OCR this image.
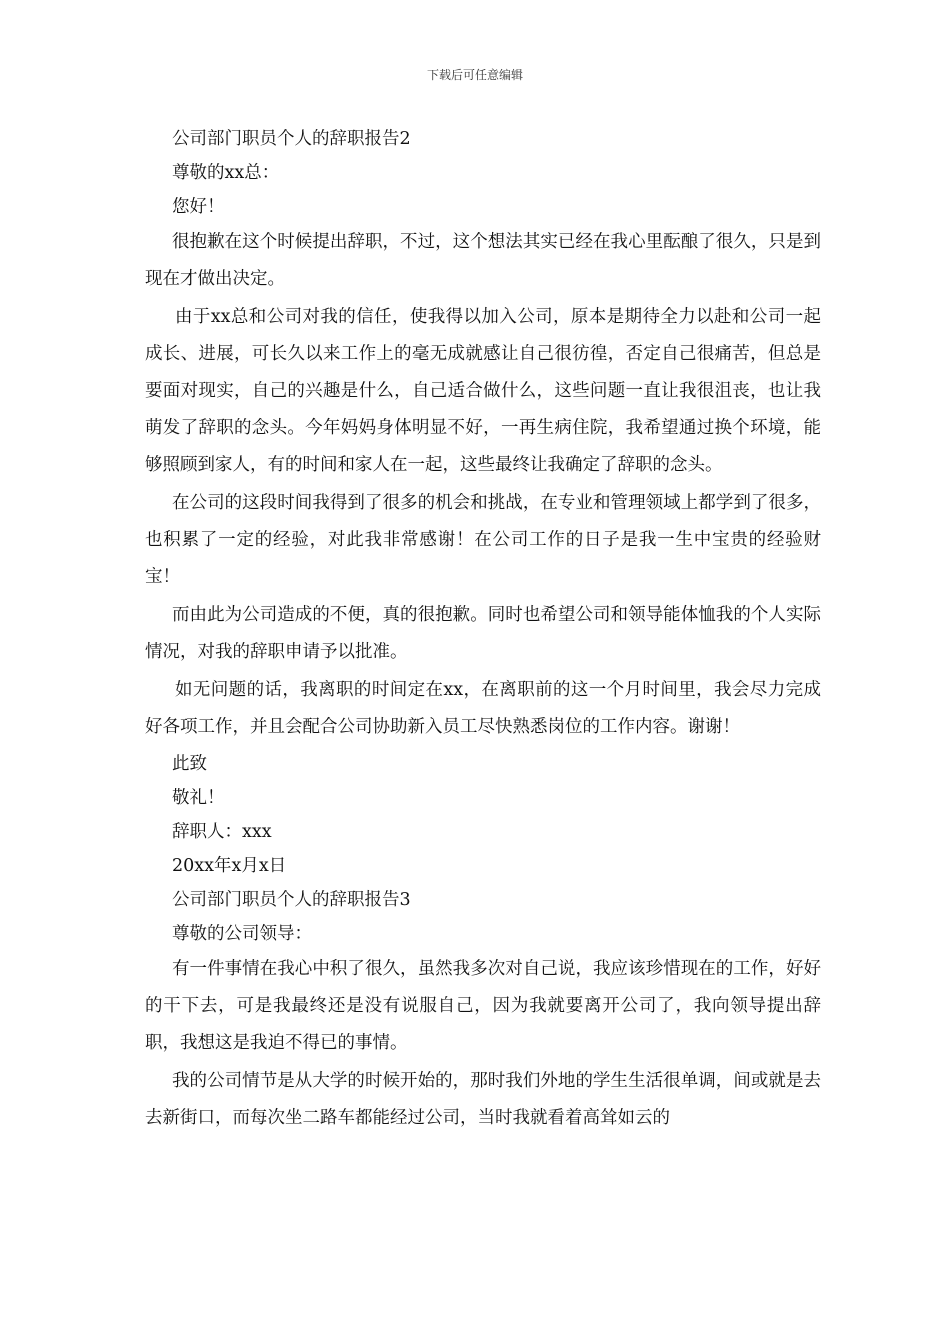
下载后可任意编辑
公司部门职员个人的辞职报告2
尊敬的xx总：
您好！

很抱歉在这个时候提出辞职，不过，这个想法其实已经在我心里酝酿了很久，只是到现在才做出决定。

由于xx总和公司对我的信任，使我得以加入公司，原本是期待全力以赴和公司一起成长、进展，可长久以来工作上的毫无成就感让自己很彷徨，否定自己很痛苦，但总是要面对现实，自己的兴趣是什么，自己适合做什么，这些问题一直让我很沮丧，也让我萌发了辞职的念头。今年妈妈身体明显不好，一再生病住院，我希望通过换个环境，能够照顾到家人，有的时间和家人在一起，这些最终让我确定了辞职的念头。

在公司的这段时间我得到了很多的机会和挑战，在专业和管理领域上都学到了很多，也积累了一定的经验，对此我非常感谢！在公司工作的日子是我一生中宝贵的经验财宝！

而由此为公司造成的不便，真的很抱歉。同时也希望公司和领导能体恤我的个人实际情况，对我的辞职申请予以批准。

如无问题的话，我离职的时间定在xx，在离职前的这一个月时间里，我会尽力完成好各项工作，并且会配合公司协助新入员工尽快熟悉岗位的工作内容。谢谢！

此致
敬礼！
辞职人：xxx
20xx年x月x日
公司部门职员个人的辞职报告3
尊敬的公司领导：

有一件事情在我心中积了很久，虽然我多次对自己说，我应该珍惜现在的工作，好好的干下去，可是我最终还是没有说服自己，因为我就要离开公司了，我向领导提出辞职，我想这是我迫不得已的事情。

我的公司情节是从大学的时候开始的，那时我们外地的学生生活很单调，间或就是去去新街口，而每次坐二路车都能经过公司，当时我就看着高耸如云的
